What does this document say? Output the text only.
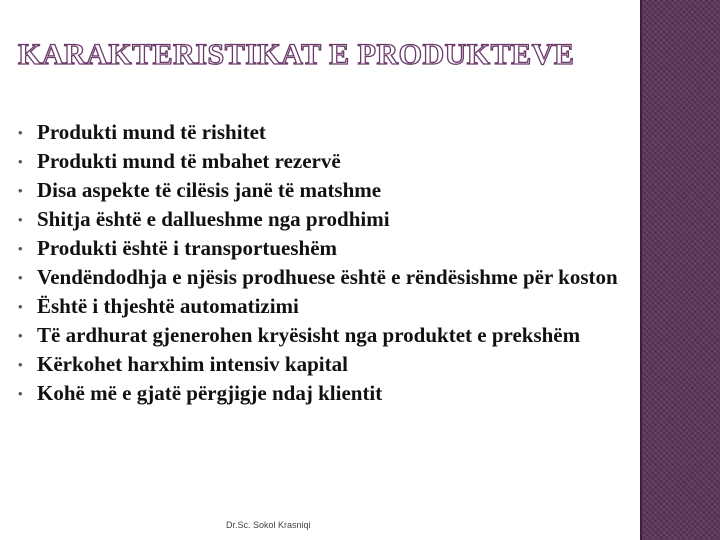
KARAKTERISTIKAT E PRODUKTEVE
• Produkti mund të rishitet
• Produkti mund të mbahet rezervë
• Disa aspekte të cilësis janë të matshme
• Shitja është e dallueshme nga prodhimi
• Produkti është i transportueshëm
• Vendëndodhja e njësis prodhuese është e rëndësishme për koston
• Është i thjeshtë automatizimi
• Të ardhurat gjenerohen kryësisht nga produktet e prekshëm
• Kërkohet harxhim intensiv kapital
• Kohë më e gjatë përgjigje ndaj klientit
Dr.Sc. Sokol Krasniqi
